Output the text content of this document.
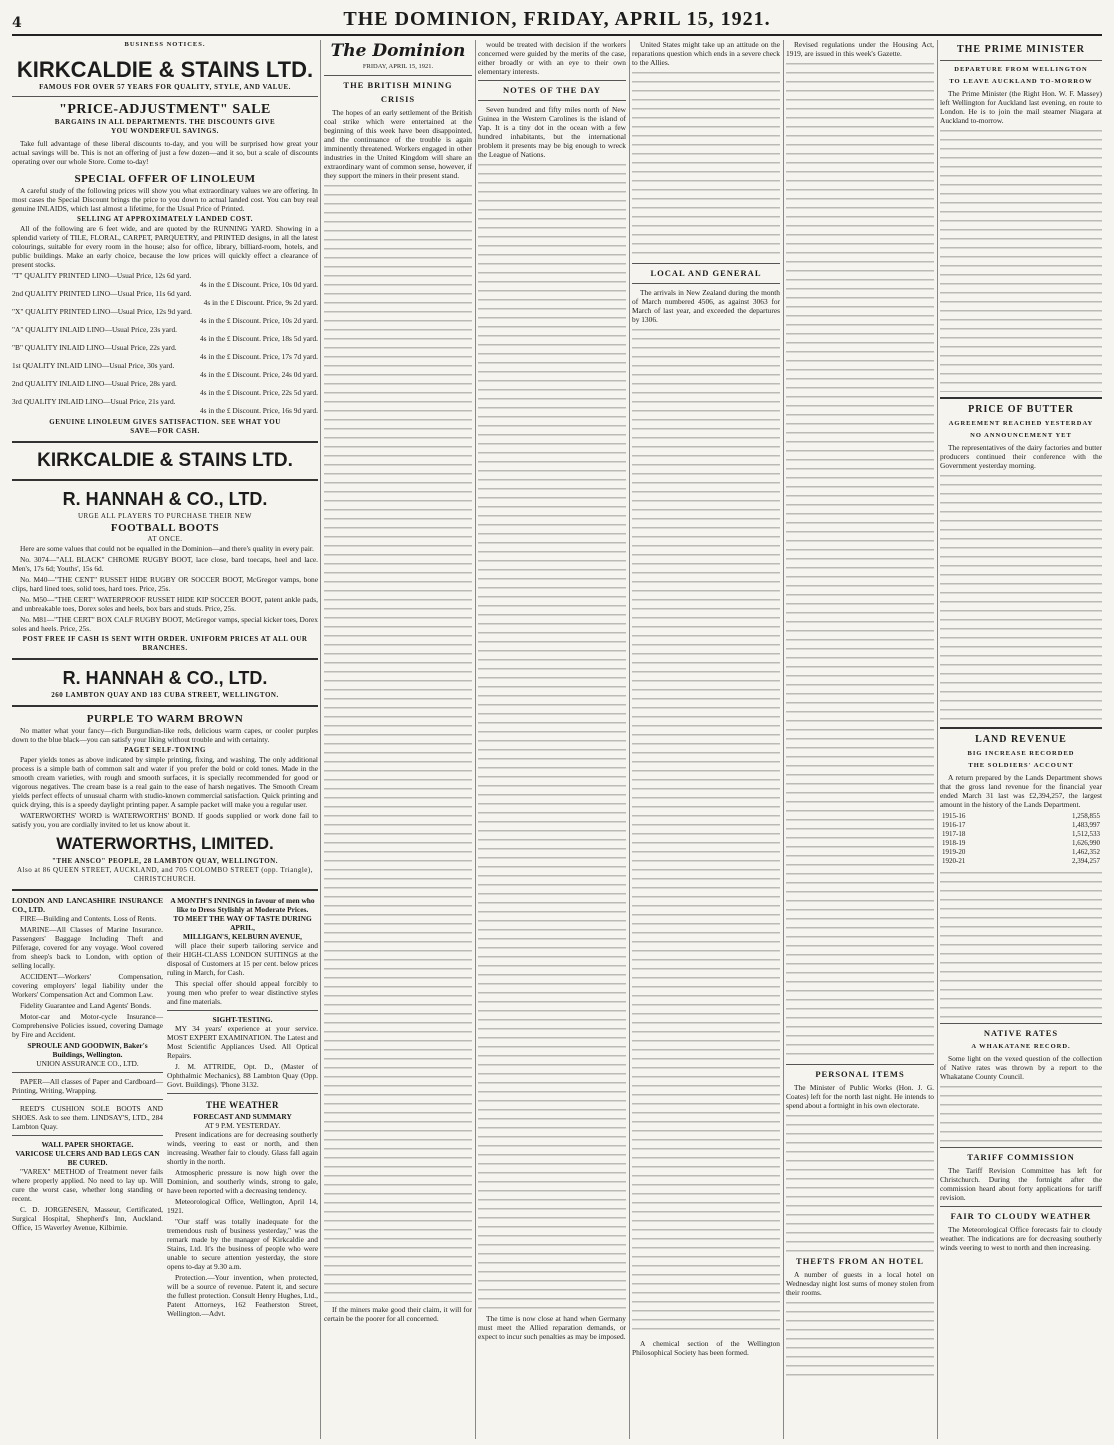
4	THE DOMINION, FRIDAY, APRIL 15, 1921.
BUSINESS NOTICES.
KIRKCALDIE & STAINS LTD.
FAMOUS FOR OVER 57 YEARS FOR QUALITY, STYLE, AND VALUE.
"PRICE-ADJUSTMENT" SALE
BARGAINS IN ALL DEPARTMENTS. THE DISCOUNTS GIVE
YOU WONDERFUL SAVINGS.
Take full advantage of these liberal discounts to-day, and you will be surprised how great your actual savings will be. This is not an offering of just a few dozen—and it so, but a scale of discounts operating over our whole Store. Come to-day!
SPECIAL OFFER OF LINOLEUM
A careful study of the following prices will show you what extraordinary values we are offering. In most cases the Special Discount brings the price to you down to actual landed cost. You can buy real genuine INLAIDS, which last almost a lifetime, for the Usual Price of Printed.
SELLING AT APPROXIMATELY LANDED COST.
All of the following are 6 feet wide, and are quoted by the RUNNING YARD. Showing in a splendid variety of TILE, FLORAL, CARPET, PARQUETRY, and PRINTED designs, in all the latest colourings, suitable for every room in the house; also for office, library, billiard-room, hotels, and public buildings. Make an early choice, because the low prices will quickly effect a clearance of present stocks.
"T" QUALITY PRINTED LINO—Usual Price, 12s 6d yard.
4s in the £ Discount. Price, 10s 0d yard.
2nd QUALITY PRINTED LINO—Usual Price, 11s 6d yard.
4s in the £ Discount. Price, 9s 2d yard.
"X" QUALITY PRINTED LINO—Usual Price, 12s 9d yard.
4s in the £ Discount. Price, 10s 2d yard.
"A" QUALITY INLAID LINO—Usual Price, 23s yard.
4s in the £ Discount. Price, 18s 5d yard.
"B" QUALITY INLAID LINO—Usual Price, 22s yard.
4s in the £ Discount. Price, 17s 7d yard.
1st QUALITY INLAID LINO—Usual Price, 30s yard.
4s in the £ Discount. Price, 24s 0d yard.
2nd QUALITY INLAID LINO—Usual Price, 28s yard.
4s in the £ Discount. Price, 22s 5d yard.
3rd QUALITY INLAID LINO—Usual Price, 21s yard.
4s in the £ Discount. Price, 16s 9d yard.
GENUINE LINOLEUM GIVES SATISFACTION. SEE WHAT YOU
SAVE—FOR CASH.
KIRKCALDIE & STAINS LTD.
R. HANNAH & CO., LTD.
URGE ALL PLAYERS TO PURCHASE THEIR NEW
FOOTBALL BOOTS
AT ONCE.
Here are some values that could not be equalled in the Dominion—and there's quality in every pair.
No. 3074—"ALL BLACK" CHROME RUGBY BOOT, lace close, bard toecaps, heel and lace. Men's, 17s 6d; Youths', 15s 6d.
No. M40—"THE CENT" RUSSET HIDE RUGBY OR SOCCER BOOT, McGregor vamps, bone clips, hard lined toes, solid toes, hard toes. Price, 25s.
No. M50—"THE CERT" WATERPROOF RUSSET HIDE KIP SOCCER BOOT, patent ankle pads, and unbreakable toes, Dorex soles and heels, box bars and studs. Price, 25s.
No. M81—"THE CERT" BOX CALF RUGBY BOOT, McGregor vamps, special kicker toes, Dorex soles and heels. Price, 25s.
POST FREE IF CASH IS SENT WITH ORDER. UNIFORM PRICES AT ALL OUR BRANCHES.
R. HANNAH & CO., LTD.
260 LAMBTON QUAY AND 183 CUBA STREET, WELLINGTON.
PURPLE TO WARM BROWN
No matter what your fancy—rich Burgundian-like reds, delicious warm capes, or cooler purples down to the blue black—you can satisfy your liking without trouble and with certainty.
PAGET SELF-TONING
Paper yields tones as above indicated by simple printing, fixing, and washing. The only additional process is a simple bath of common salt and water if you prefer the bold or cold tones. Made in the smooth cream varieties, with rough and smooth surfaces, it is specially recommended for good or vigorous negatives. The cream base is a real gain to the ease of harsh negatives. The Smooth Cream yields perfect effects of unusual charm with studio-known commercial satisfaction. Quick printing and quick drying, this is a speedy daylight printing paper. A sample packet will make you a regular user.
WATERWORTHS' WORD is WATERWORTHS' BOND. If goods supplied or work done fail to satisfy you, you are cordially invited to let us know about it.
WATERWORTHS, LIMITED.
"THE ANSCO" PEOPLE, 28 LAMBTON QUAY, WELLINGTON.
Also at 86 QUEEN STREET, AUCKLAND, and 705 COLOMBO STREET (opp. Triangle), CHRISTCHURCH.
LONDON AND LANCASHIRE INSURANCE CO., LTD.
FIRE—Building and Contents. Loss of Rents.
MARINE—All Classes of Marine Insurance. Passengers' Baggage Including Theft and Pilferage, covered for any voyage. Wool covered from sheep's back to London, with option of selling locally.
ACCIDENT—Workers' Compensation, covering employers' legal liability under the Workers' Compensation Act and Common Law.
Fidelity Guarantee and Land Agents' Bonds.
Motor-car and Motor-cycle Insurance—Comprehensive Policies issued, covering Damage by Fire and Accident.
SPROULE AND GOODWIN, Baker's Buildings, Wellington.
UNION ASSURANCE CO., LTD.
PAPER—All classes of Paper and Cardboard—Printing, Writing, Wrapping.
REED'S CUSHION SOLE BOOTS AND SHOES. Ask to see them. LINDSAY'S, LTD., 284 Lambton Quay.
WALL PAPER SHORTAGE.
VARICOSE ULCERS AND BAD LEGS CAN BE CURED.
"VAREX" METHOD of Treatment never fails where properly applied. No need to lay up. Will cure the worst case, whether long standing or recent.
C. D. JORGENSEN, Masseur, Certificated, Surgical Hospital, Shepherd's Inn, Auckland. Office, 15 Waverley Avenue, Kilbirnie.
A MONTH'S INNINGS in favour of men who like to Dress Stylishly at Moderate Prices.
TO MEET THE WAY OF TASTE DURING APRIL,
MILLIGAN'S, KELBURN AVENUE,
will place their superb tailoring service and their HIGH-CLASS LONDON SUITINGS at the disposal of Customers at 15 per cent. below prices ruling in March, for Cash.
This special offer should appeal forcibly to young men who prefer to wear distinctive styles and fine materials.
SIGHT-TESTING.
MY 34 years' experience at your service. MOST EXPERT EXAMINATION. The Latest and Most Scientific Appliances Used. All Optical Repairs.
J. M. ATTRIDE, Opt. D., (Master of Ophthalmic Mechanics), 88 Lambton Quay (Opp. Govt. Buildings). 'Phone 3132.
THE WEATHER
FORECAST AND SUMMARY
AT 9 P.M. YESTERDAY.
Present indications are for decreasing southerly winds, veering to east or north, and then increasing. Weather fair to cloudy. Glass fall again shortly in the north.
Atmospheric pressure is now high over the Dominion, and southerly winds, strong to gale, have been reported with a decreasing tendency.
Meteorological Office, Wellington, April 14, 1921.
"Our staff was totally inadequate for the tremendous rush of business yesterday," was the remark made by the manager of Kirkcaldie and Stains, Ltd. It's the business of people who were unable to secure attention yesterday, the store opens to-day at 9.30 a.m.
Protection.—Your invention, when protected, will be a source of revenue. Patent it, and secure the fullest protection. Consult Henry Hughes, Ltd., Patent Attorneys, 162 Featherston Street, Wellington.—Advt.
The Dominion
FRIDAY, APRIL 15, 1921.
THE BRITISH MINING
CRISIS
The hopes of an early settlement of the British coal strike which were entertained at the beginning of this week have been disappointed, and the continuance of the trouble is again imminently threatened. Workers engaged in other industries in the United Kingdom will share an extraordinary want of common sense, however, if they support the miners in their present stand.
If the miners make good their claim, it will for certain be the poorer for all concerned.
would be treated with decision if the workers concerned were guided by the merits of the case, either broadly or with an eye to their own elementary interests.
NOTES OF THE DAY
Seven hundred and fifty miles north of New Guinea in the Western Carolines is the island of Yap. It is a tiny dot in the ocean with a few hundred inhabitants, but the international problem it presents may be big enough to wreck the League of Nations.
The time is now close at hand when Germany must meet the Allied reparation demands, or expect to incur such penalties as may be imposed.
United States might take up an attitude on the reparations question which ends in a severe check to the Allies.
LOCAL AND GENERAL
The arrivals in New Zealand during the month of March numbered 4506, as against 3063 for March of last year, and exceeded the departures by 1306.
A chemical section of the Wellington Philosophical Society has been formed.
Revised regulations under the Housing Act, 1919, are issued in this week's Gazette.
PERSONAL ITEMS
The Minister of Public Works (Hon. J. G. Coates) left for the north last night. He intends to spend about a fortnight in his own electorate.
THEFTS FROM AN HOTEL
A number of guests in a local hotel on Wednesday night lost sums of money stolen from their rooms.
THE PRIME MINISTER
DEPARTURE FROM WELLINGTON
TO LEAVE AUCKLAND TO-MORROW
The Prime Minister (the Right Hon. W. F. Massey) left Wellington for Auckland last evening, en route to London. He is to join the mail steamer Niagara at Auckland to-morrow.
PRICE OF BUTTER
AGREEMENT REACHED YESTERDAY
NO ANNOUNCEMENT YET
The representatives of the dairy factories and butter producers continued their conference with the Government yesterday morning.
LAND REVENUE
BIG INCREASE RECORDED
THE SOLDIERS' ACCOUNT
A return prepared by the Lands Department shows that the gross land revenue for the financial year ended March 31 last was £2,394,257, the largest amount in the history of the Lands Department.
1915-16	1,258,855
1916-17	1,483,997
1917-18	1,512,533
1918-19	1,626,990
1919-20	1,462,352
1920-21	2,394,257
NATIVE RATES
A WHAKATANE RECORD.
Some light on the vexed question of the collection of Native rates was thrown by a report to the Whakatane County Council.
TARIFF COMMISSION
The Tariff Revision Committee has left for Christchurch. During the fortnight after the commission heard about forty applications for tariff revision.
FAIR TO CLOUDY WEATHER
The Meteorological Office forecasts fair to cloudy weather. The indications are for decreasing southerly winds veering to west to north and then increasing.
